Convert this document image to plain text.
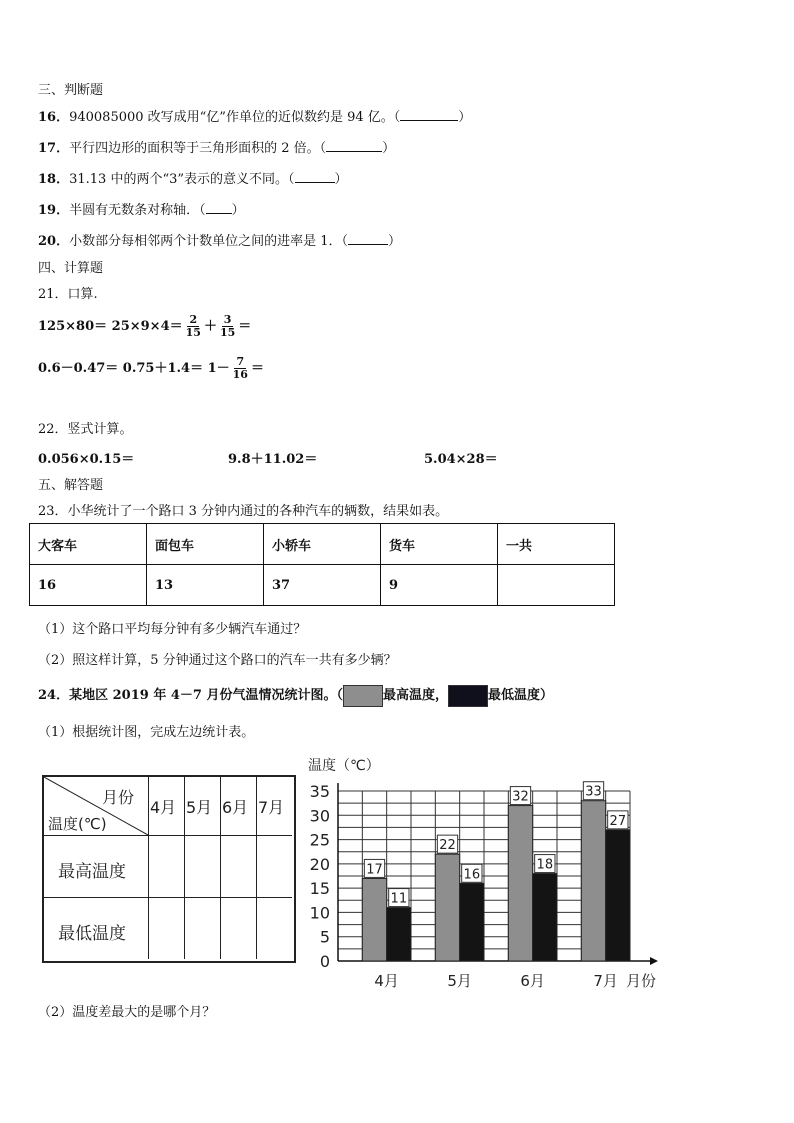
三、判断题
16．940085000 改写成用“亿”作单位的近似数约是 94 亿。（	）
17．平行四边形的面积等于三角形面积的 2 倍。（	）
18．31.13 中的两个“3”表示的意义不同。（	）
19．半圆有无数条对称轴．（ ）
20．小数部分每相邻两个计数单位之间的进率是 1．（	）
四、计算题
21．口算.
$125\times 80= 25\times 9\times 4= \frac{2}{15} + \frac{3}{15}$ ＝
$0.6-0.47= 0.75+1.4= 1- \frac{7}{16}$ ＝
22．竖式计算。
0.056×0.15＝	9.8＋11.02＝	5.04×28＝
五、解答题
23．小华统计了一个路口 3 分钟内通过的各种汽车的辆数，结果如表。
大客车	面包车	小轿车	货车	一共
16	13	37	9	
（1）这个路口平均每分钟有多少辆汽车通过？
（2）照这样计算，5 分钟通过这个路口的汽车一共有多少辆？
24．某地区 2019 年 4－7 月份气温情况统计图。（	最高温度，	最低温度）
（1）根据统计图，完成左边统计表。
月份
温度(℃)
4月 5月 6月 7月
最高温度
最低温度
0
5
10
15
20
25
30
35
温度（℃）
月份
17
11
4月
22
16
5月
32
18
6月
33
27
7月
（2）温度差最大的是哪个月？
